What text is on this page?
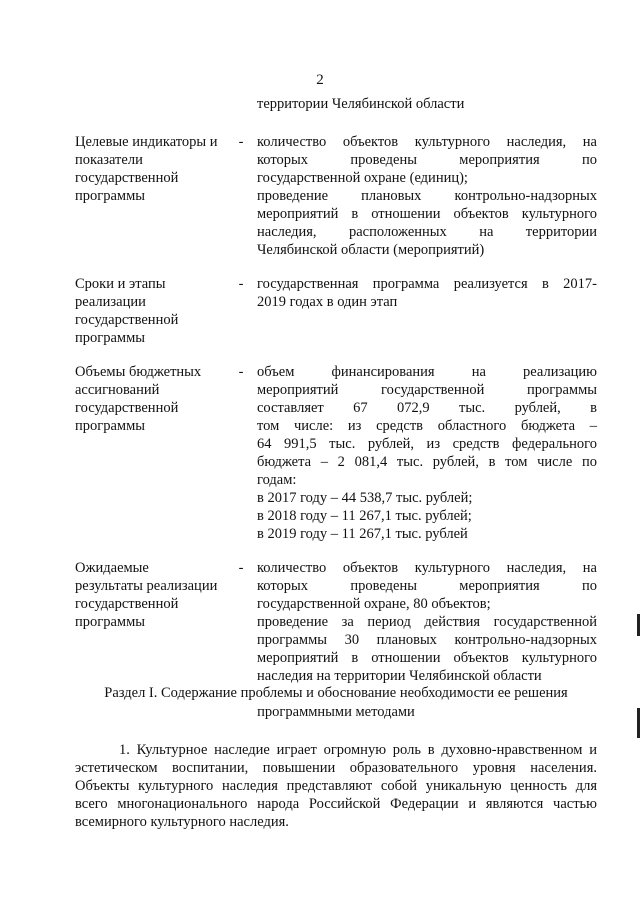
2
территории Челябинской области
Целевые индикаторы и
показатели
государственной
программы
- количество объектов культурного наследия, на
которых проведены мероприятия по
государственной охране (единиц);
проведение плановых контрольно-надзорных
мероприятий в отношении объектов культурного
наследия, расположенных на территории
Челябинской области (мероприятий)
Сроки и этапы
реализации
государственной
программы
- государственная программа реализуется в 2017-
2019 годах в один этап
Объемы бюджетных
ассигнований
государственной
программы
- объем финансирования на реализацию
мероприятий государственной программы
составляет 67 072,9 тыс. рублей, в
том числе: из средств областного бюджета –
64 991,5 тыс. рублей, из средств федерального
бюджета – 2 081,4 тыс. рублей, в том числе по
годам:
в 2017 году – 44 538,7 тыс. рублей;
в 2018 году – 11 267,1 тыс. рублей;
в 2019 году – 11 267,1 тыс. рублей
Ожидаемые
результаты реализации
государственной
программы
- количество объектов культурного наследия, на
которых проведены мероприятия по
государственной охране, 80 объектов;
проведение за период действия государственной
программы 30 плановых контрольно-надзорных
мероприятий в отношении объектов культурного
наследия на территории Челябинской области
Раздел I. Содержание проблемы и обоснование необходимости ее решения
программными методами
1. Культурное наследие играет огромную роль в духовно-нравственном и
эстетическом воспитании, повышении образовательного уровня населения.
Объекты культурного наследия представляют собой уникальную ценность для
всего многонационального народа Российской Федерации и являются частью
всемирного культурного наследия.
